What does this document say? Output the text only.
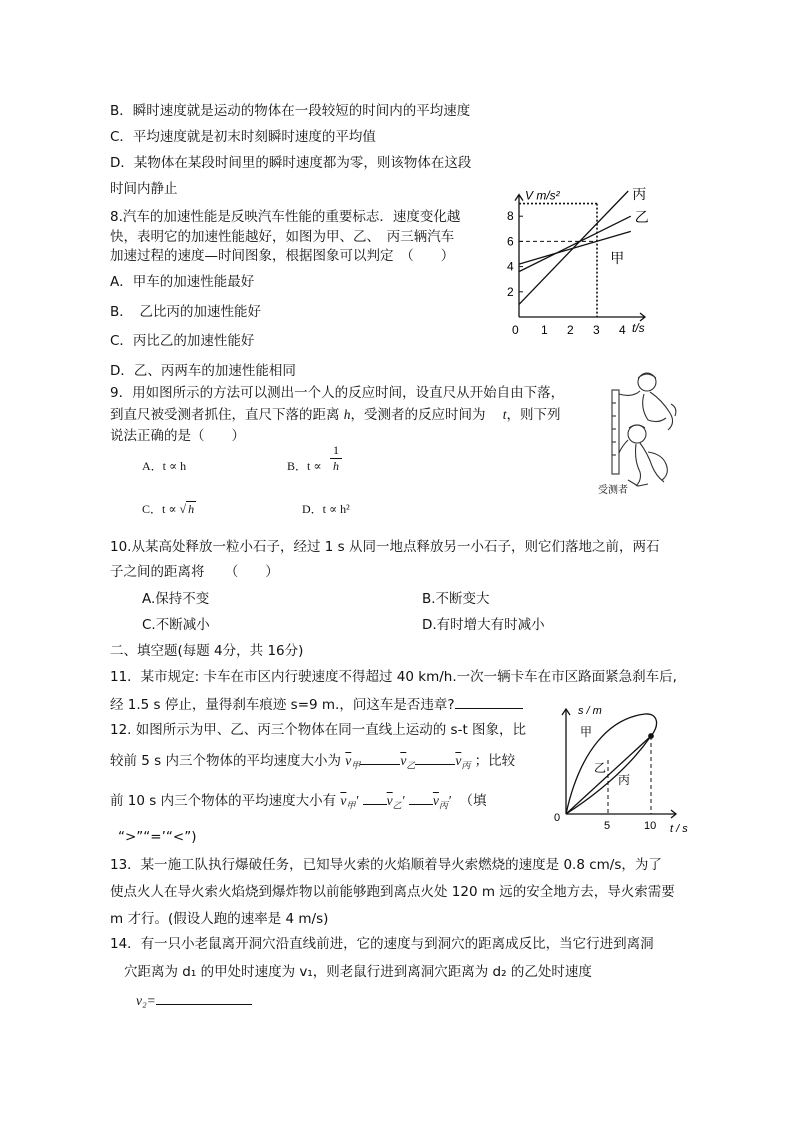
B．瞬时速度就是运动的物体在一段较短的时间内的平均速度
C．平均速度就是初末时刻瞬时速度的平均值
D．某物体在某段时间里的瞬时速度都为零，则该物体在这段
时间内静止
8.汽车的加速性能是反映汽车性能的重要标志．速度变化越
快，表明它的加速性能越好，如图为甲、乙、　丙三辆汽车
加速过程的速度—时间图象，根据图象可以判定　（　　）
A．甲车的加速性能最好
B．　乙比丙的加速性能好
C．丙比乙的加速性能好
D．乙、丙两车的加速性能相同
0 1 2 3 4
2
4
6
8
丙
乙
甲
V m/s²
t/s
9．用如图所示的方法可以测出一个人的反应时间，设直尺从开始自由下落，
到直尺被受测者抓住，直尺下落的距离 h，受测者的反应时间为 t，则下列
说法正确的是（　　）
A．t ∝ h	B．$t \propto \frac{1}{h}$
C．t ∝ √ h	D．t ∝ h²
受测者
10.从某高处释放一粒小石子，经过 1 s 从同一地点释放另一小石子，则它们落地之前，两石
子之间的距离将　　（　　）
A.保持不变	B.不断变大
C.不断减小	D.有时增大有时减小
二、填空题(每题 4分，共 16分)
11．某市规定: 卡车在市区内行驶速度不得超过 40 km/h.一次一辆卡车在市区路面紧急刹车后,
经 1.5 s 停止，量得刹车痕迹 s=9 m.，问这车是否违章?
12. 如图所示为甲、乙、丙三个物体在同一直线上运动的 s-t 图象，比
较前 5 s 内三个物体的平均速度大小为 $\overline{v}_甲$	$\overline{v}_乙$	$\overline{v}_丙$ ；比较
前 10 s 内三个物体的平均速度大小有 $\overline{v}_甲'$ $\overline{v}_乙'$ $\overline{v}_丙'$ （填
“>”“=’“<”)
s / m
甲
乙
丙
0
5	10 t / s
13．某一施工队执行爆破任务，已知导火索的火焰顺着导火索燃烧的速度是 0.8 cm/s，为了
使点火人在导火索火焰烧到爆炸物以前能够跑到离点火处 120 m 远的安全地方去，导火索需要
m 才行。(假设人跑的速率是 4 m/s)
14．有一只小老鼠离开洞穴沿直线前进，它的速度与到洞穴的距离成反比，当它行进到离洞
穴距离为 d₁ 的甲处时速度为 v₁，则老鼠行进到离洞穴距离为 d₂ 的乙处时速度
v₂=
